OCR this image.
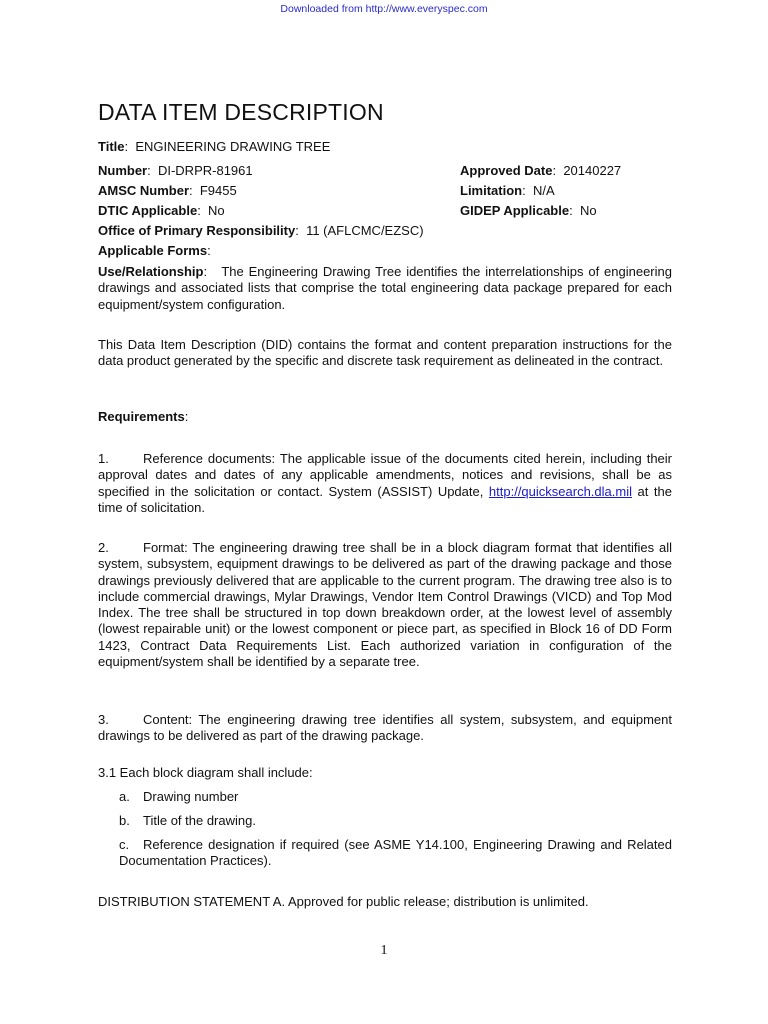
Downloaded from http://www.everyspec.com
DATA ITEM DESCRIPTION
Title:  ENGINEERING DRAWING TREE
Number:  DI-DRPR-81961	Approved Date:  20140227
AMSC Number:  F9455	Limitation:  N/A
DTIC Applicable:  No	GIDEP Applicable:  No
Office of Primary Responsibility:  11 (AFLCMC/EZSC)
Applicable Forms:
Use/Relationship:   The Engineering Drawing Tree identifies the interrelationships of engineering drawings and associated lists that comprise the total engineering data package prepared for each equipment/system configuration.
This Data Item Description (DID) contains the format and content preparation instructions for the data product generated by the specific and discrete task requirement as delineated in the contract.
Requirements:
1.	Reference documents: The applicable issue of the documents cited herein, including their approval dates and dates of any applicable amendments, notices and revisions, shall be as specified in the solicitation or contact. System (ASSIST) Update, http://quicksearch.dla.mil at the time of solicitation.
2.	Format: The engineering drawing tree shall be in a block diagram format that identifies all system, subsystem, equipment drawings to be delivered as part of the drawing package and those drawings previously delivered that are applicable to the current program. The drawing tree also is to include commercial drawings, Mylar Drawings, Vendor Item Control Drawings (VICD) and Top Mod Index. The tree shall be structured in top down breakdown order, at the lowest level of assembly (lowest repairable unit) or the lowest component or piece part, as specified in Block 16 of DD Form 1423, Contract Data Requirements List. Each authorized variation in configuration of the equipment/system shall be identified by a separate tree.
3.	Content: The engineering drawing tree identifies all system, subsystem, and equipment drawings to be delivered as part of the drawing package.
3.1 Each block diagram shall include:
a. Drawing number
b. Title of the drawing.
c. Reference designation if required (see ASME Y14.100, Engineering Drawing and Related Documentation Practices).
DISTRIBUTION STATEMENT A. Approved for public release; distribution is unlimited.
1
